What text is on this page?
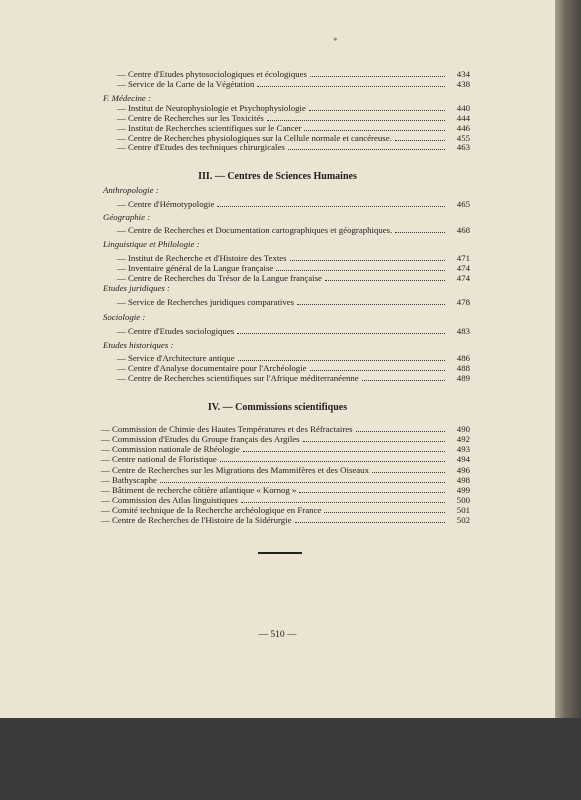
*
— Centre d'Etudes phytosociologiques et écologiques	434
— Service de la Carte de la Végétation	438
F. Médecine :
— Institut de Neurophysiologie et Psychophysiologie	440
— Centre de Recherches sur les Toxicités	444
— Institut de Recherches scientifiques sur le Cancer	446
— Centre de Recherches physiologiques sur la Cellule normale et cancéreuse.	455
— Centre d'Etudes des techniques chirurgicales	463
III. — Centres de Sciences Humaines
Anthropologie :
— Centre d'Hémotypologie	465
Géographie :
— Centre de Recherches et Documentation cartographiques et géographiques.	468
Linguistique et Philologie :
— Institut de Recherche et d'Histoire des Textes	471
— Inventaire général de la Langue française	474
— Centre de Recherches du Trésor de la Langue française	474
Etudes juridiques :
— Service de Recherches juridiques comparatives	478
Sociologie :
— Centre d'Etudes sociologiques	483
Etudes historiques :
— Service d'Architecture antique	486
— Centre d'Analyse documentaire pour l'Archéologie	488
— Centre de Recherches scientifiques sur l'Afrique méditerranéenne	489
IV. — Commissions scientifiques
— Commission de Chimie des Hautes Températures et des Réfractaires	490
— Commission d'Etudes du Groupe français des Argiles	492
— Commission nationale de Rhéologie	493
— Centre national de Floristique	494
— Centre de Recherches sur les Migrations des Mammifères et des Oiseaux	496
— Bathyscaphe	498
— Bâtiment de recherche côtière atlantique « Kornog »	499
— Commission des Atlas linguistiques	500
— Comité technique de la Recherche archéologique en France	501
— Centre de Recherches de l'Histoire de la Sidérurgie	502
— 510 —
